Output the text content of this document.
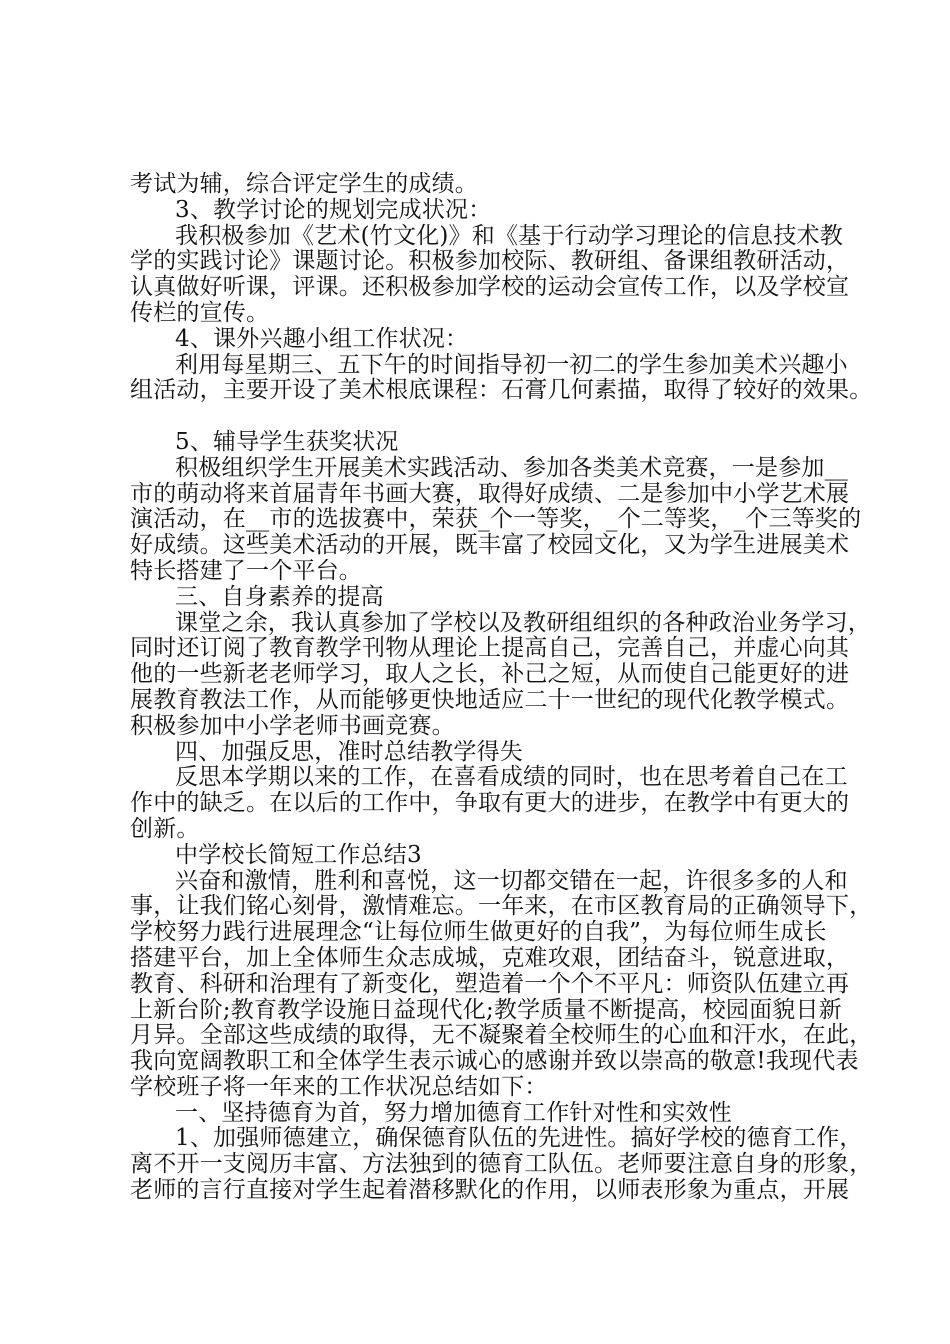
考试为辅，综合评定学生的成绩。
3、教学讨论的规划完成状况：
我积极参加《艺术(竹文化)》和《基于行动学习理论的信息技术教
学的实践讨论》课题讨论。积极参加校际、教研组、备课组教研活动，
认真做好听课，评课。还积极参加学校的运动会宣传工作，以及学校宣
传栏的宣传。
4、课外兴趣小组工作状况：
利用每星期三、五下午的时间指导初一初二的学生参加美术兴趣小
组活动，主要开设了美术根底课程：石膏几何素描，取得了较好的效果。
5、辅导学生获奖状况
积极组织学生开展美术实践活动、参加各类美术竞赛，一是参加__
市的萌动将来首届青年书画大赛，取得好成绩、二是参加中小学艺术展
演活动，在__市的选拔赛中，荣获_个一等奖，_个二等奖，_个三等奖的
好成绩。这些美术活动的开展，既丰富了校园文化，又为学生进展美术
特长搭建了一个平台。
三、自身素养的提高
课堂之余，我认真参加了学校以及教研组组织的各种政治业务学习，
同时还订阅了教育教学刊物从理论上提高自己，完善自己，并虚心向其
他的一些新老老师学习，取人之长，补己之短，从而使自己能更好的进
展教育教法工作，从而能够更快地适应二十一世纪的现代化教学模式。
积极参加中小学老师书画竞赛。
四、加强反思，准时总结教学得失
反思本学期以来的工作，在喜看成绩的同时，也在思考着自己在工
作中的缺乏。在以后的工作中，争取有更大的进步，在教学中有更大的
创新。
中学校长简短工作总结3
兴奋和激情，胜利和喜悦，这一切都交错在一起，许很多多的人和
事，让我们铭心刻骨，激情难忘。一年来，在市区教育局的正确领导下，
学校努力践行进展理念“让每位师生做更好的自我”，为每位师生成长
搭建平台，加上全体师生众志成城，克难攻艰，团结奋斗，锐意进取，
教育、科研和治理有了新变化，塑造着一个个不平凡：师资队伍建立再
上新台阶;教育教学设施日益现代化;教学质量不断提高，校园面貌日新
月异。全部这些成绩的取得，无不凝聚着全校师生的心血和汗水，在此，
我向宽阔教职工和全体学生表示诚心的感谢并致以崇高的敬意!我现代表
学校班子将一年来的工作状况总结如下：
一、坚持德育为首，努力增加德育工作针对性和实效性
1、加强师德建立，确保德育队伍的先进性。搞好学校的德育工作，
离不开一支阅历丰富、方法独到的德育工队伍。老师要注意自身的形象，
老师的言行直接对学生起着潜移默化的作用，以师表形象为重点，开展
